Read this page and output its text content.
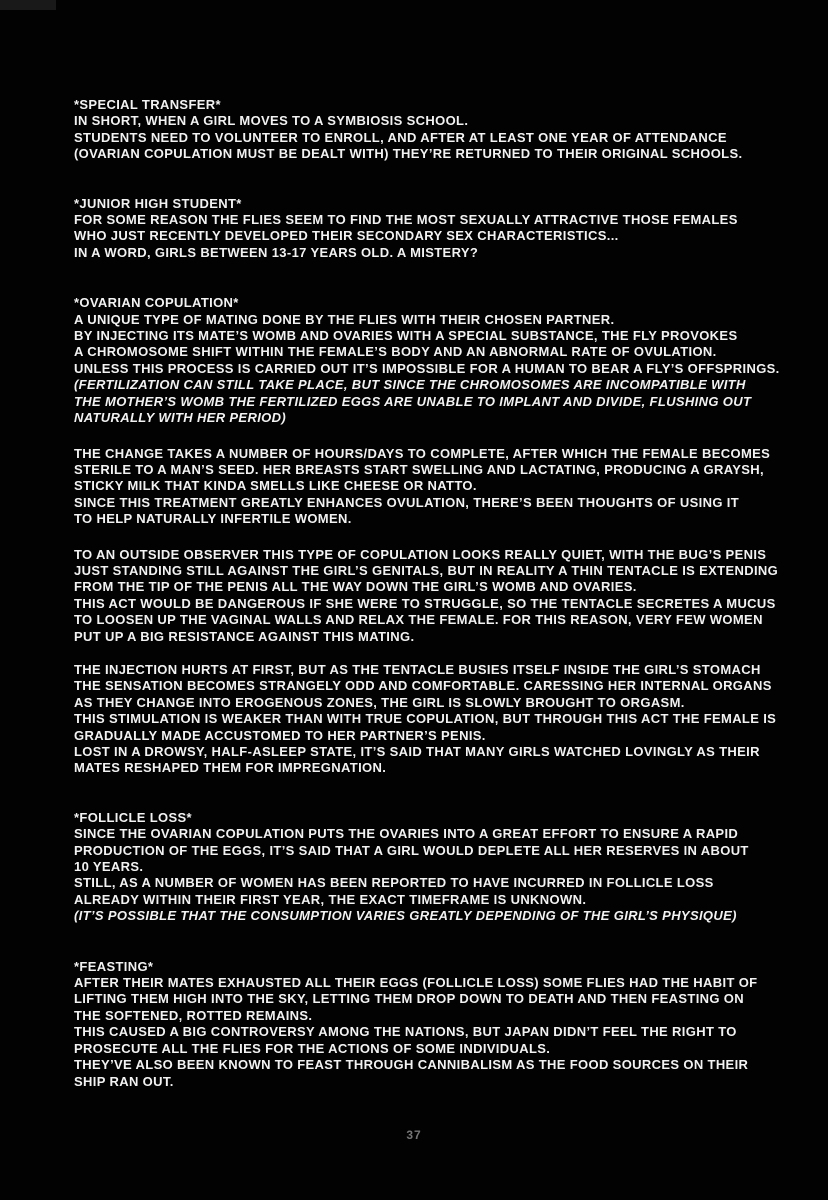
*SPECIAL TRANSFER*
IN SHORT, WHEN A GIRL MOVES TO A SYMBIOSIS SCHOOL.
STUDENTS NEED TO VOLUNTEER TO ENROLL, AND AFTER AT LEAST ONE YEAR OF ATTENDANCE
(OVARIAN COPULATION MUST BE DEALT WITH) THEY’RE RETURNED TO THEIR ORIGINAL SCHOOLS.
*JUNIOR HIGH STUDENT*
FOR SOME REASON THE FLIES SEEM TO FIND THE MOST SEXUALLY ATTRACTIVE THOSE FEMALES
WHO JUST RECENTLY DEVELOPED THEIR SECONDARY SEX CHARACTERISTICS...
IN A WORD, GIRLS BETWEEN 13-17 YEARS OLD. A MISTERY?
*OVARIAN COPULATION*
A UNIQUE TYPE OF MATING DONE BY THE FLIES WITH THEIR CHOSEN PARTNER.
BY INJECTING ITS MATE’S WOMB AND OVARIES WITH A SPECIAL SUBSTANCE, THE FLY PROVOKES
A CHROMOSOME SHIFT WITHIN THE FEMALE’S BODY AND AN ABNORMAL RATE OF OVULATION.
UNLESS THIS PROCESS IS CARRIED OUT IT’S IMPOSSIBLE FOR A HUMAN TO BEAR A FLY’S OFFSPRINGS.
(FERTILIZATION CAN STILL TAKE PLACE, BUT SINCE THE CHROMOSOMES ARE INCOMPATIBLE WITH
THE MOTHER’S WOMB THE FERTILIZED EGGS ARE UNABLE TO IMPLANT AND DIVIDE, FLUSHING OUT
NATURALLY WITH HER PERIOD)
THE CHANGE TAKES A NUMBER OF HOURS/DAYS TO COMPLETE, AFTER WHICH THE FEMALE BECOMES
STERILE TO A MAN’S SEED. HER BREASTS START SWELLING AND LACTATING, PRODUCING A GRAYSH,
STICKY MILK THAT KINDA SMELLS LIKE CHEESE OR NATTO.
SINCE THIS TREATMENT GREATLY ENHANCES OVULATION, THERE’S BEEN THOUGHTS OF USING IT
TO HELP NATURALLY INFERTILE WOMEN.
TO AN OUTSIDE OBSERVER THIS TYPE OF COPULATION LOOKS REALLY QUIET, WITH THE BUG’S PENIS
JUST STANDING STILL AGAINST THE GIRL’S GENITALS, BUT IN REALITY A THIN TENTACLE IS EXTENDING
FROM THE TIP OF THE PENIS ALL THE WAY DOWN THE GIRL’S WOMB AND OVARIES.
THIS ACT WOULD BE DANGEROUS IF SHE WERE TO STRUGGLE, SO THE TENTACLE SECRETES A MUCUS
TO LOOSEN UP THE VAGINAL WALLS AND RELAX THE FEMALE. FOR THIS REASON, VERY FEW WOMEN
PUT UP A BIG RESISTANCE AGAINST THIS MATING.
THE INJECTION HURTS AT FIRST, BUT AS THE TENTACLE BUSIES ITSELF INSIDE THE GIRL’S STOMACH
THE SENSATION BECOMES STRANGELY ODD AND COMFORTABLE. CARESSING HER INTERNAL ORGANS
AS THEY CHANGE INTO EROGENOUS ZONES, THE GIRL IS SLOWLY BROUGHT TO ORGASM.
THIS STIMULATION IS WEAKER THAN WITH TRUE COPULATION, BUT THROUGH THIS ACT THE FEMALE IS
GRADUALLY MADE ACCUSTOMED TO HER PARTNER’S PENIS.
LOST IN A DROWSY, HALF-ASLEEP STATE, IT’S SAID THAT MANY GIRLS WATCHED LOVINGLY AS THEIR
MATES RESHAPED THEM FOR IMPREGNATION.
*FOLLICLE LOSS*
SINCE THE OVARIAN COPULATION PUTS THE OVARIES INTO A GREAT EFFORT TO ENSURE A RAPID
PRODUCTION OF THE EGGS, IT’S SAID THAT A GIRL WOULD DEPLETE ALL HER RESERVES IN ABOUT
10 YEARS.
STILL, AS A NUMBER OF WOMEN HAS BEEN REPORTED TO HAVE INCURRED IN FOLLICLE LOSS
ALREADY WITHIN THEIR FIRST YEAR, THE EXACT TIMEFRAME IS UNKNOWN.
(IT’S POSSIBLE THAT THE CONSUMPTION VARIES GREATLY DEPENDING OF THE GIRL’S PHYSIQUE)
*FEASTING*
AFTER THEIR MATES EXHAUSTED ALL THEIR EGGS (FOLLICLE LOSS) SOME FLIES HAD THE HABIT OF
LIFTING THEM HIGH INTO THE SKY, LETTING THEM DROP DOWN TO DEATH AND THEN FEASTING ON
THE SOFTENED, ROTTED REMAINS.
THIS CAUSED A BIG CONTROVERSY AMONG THE NATIONS, BUT JAPAN DIDN’T FEEL THE RIGHT TO
PROSECUTE ALL THE FLIES FOR THE ACTIONS OF SOME INDIVIDUALS.
THEY’VE ALSO BEEN KNOWN TO FEAST THROUGH CANNIBALISM AS THE FOOD SOURCES ON THEIR
SHIP RAN OUT.
37
